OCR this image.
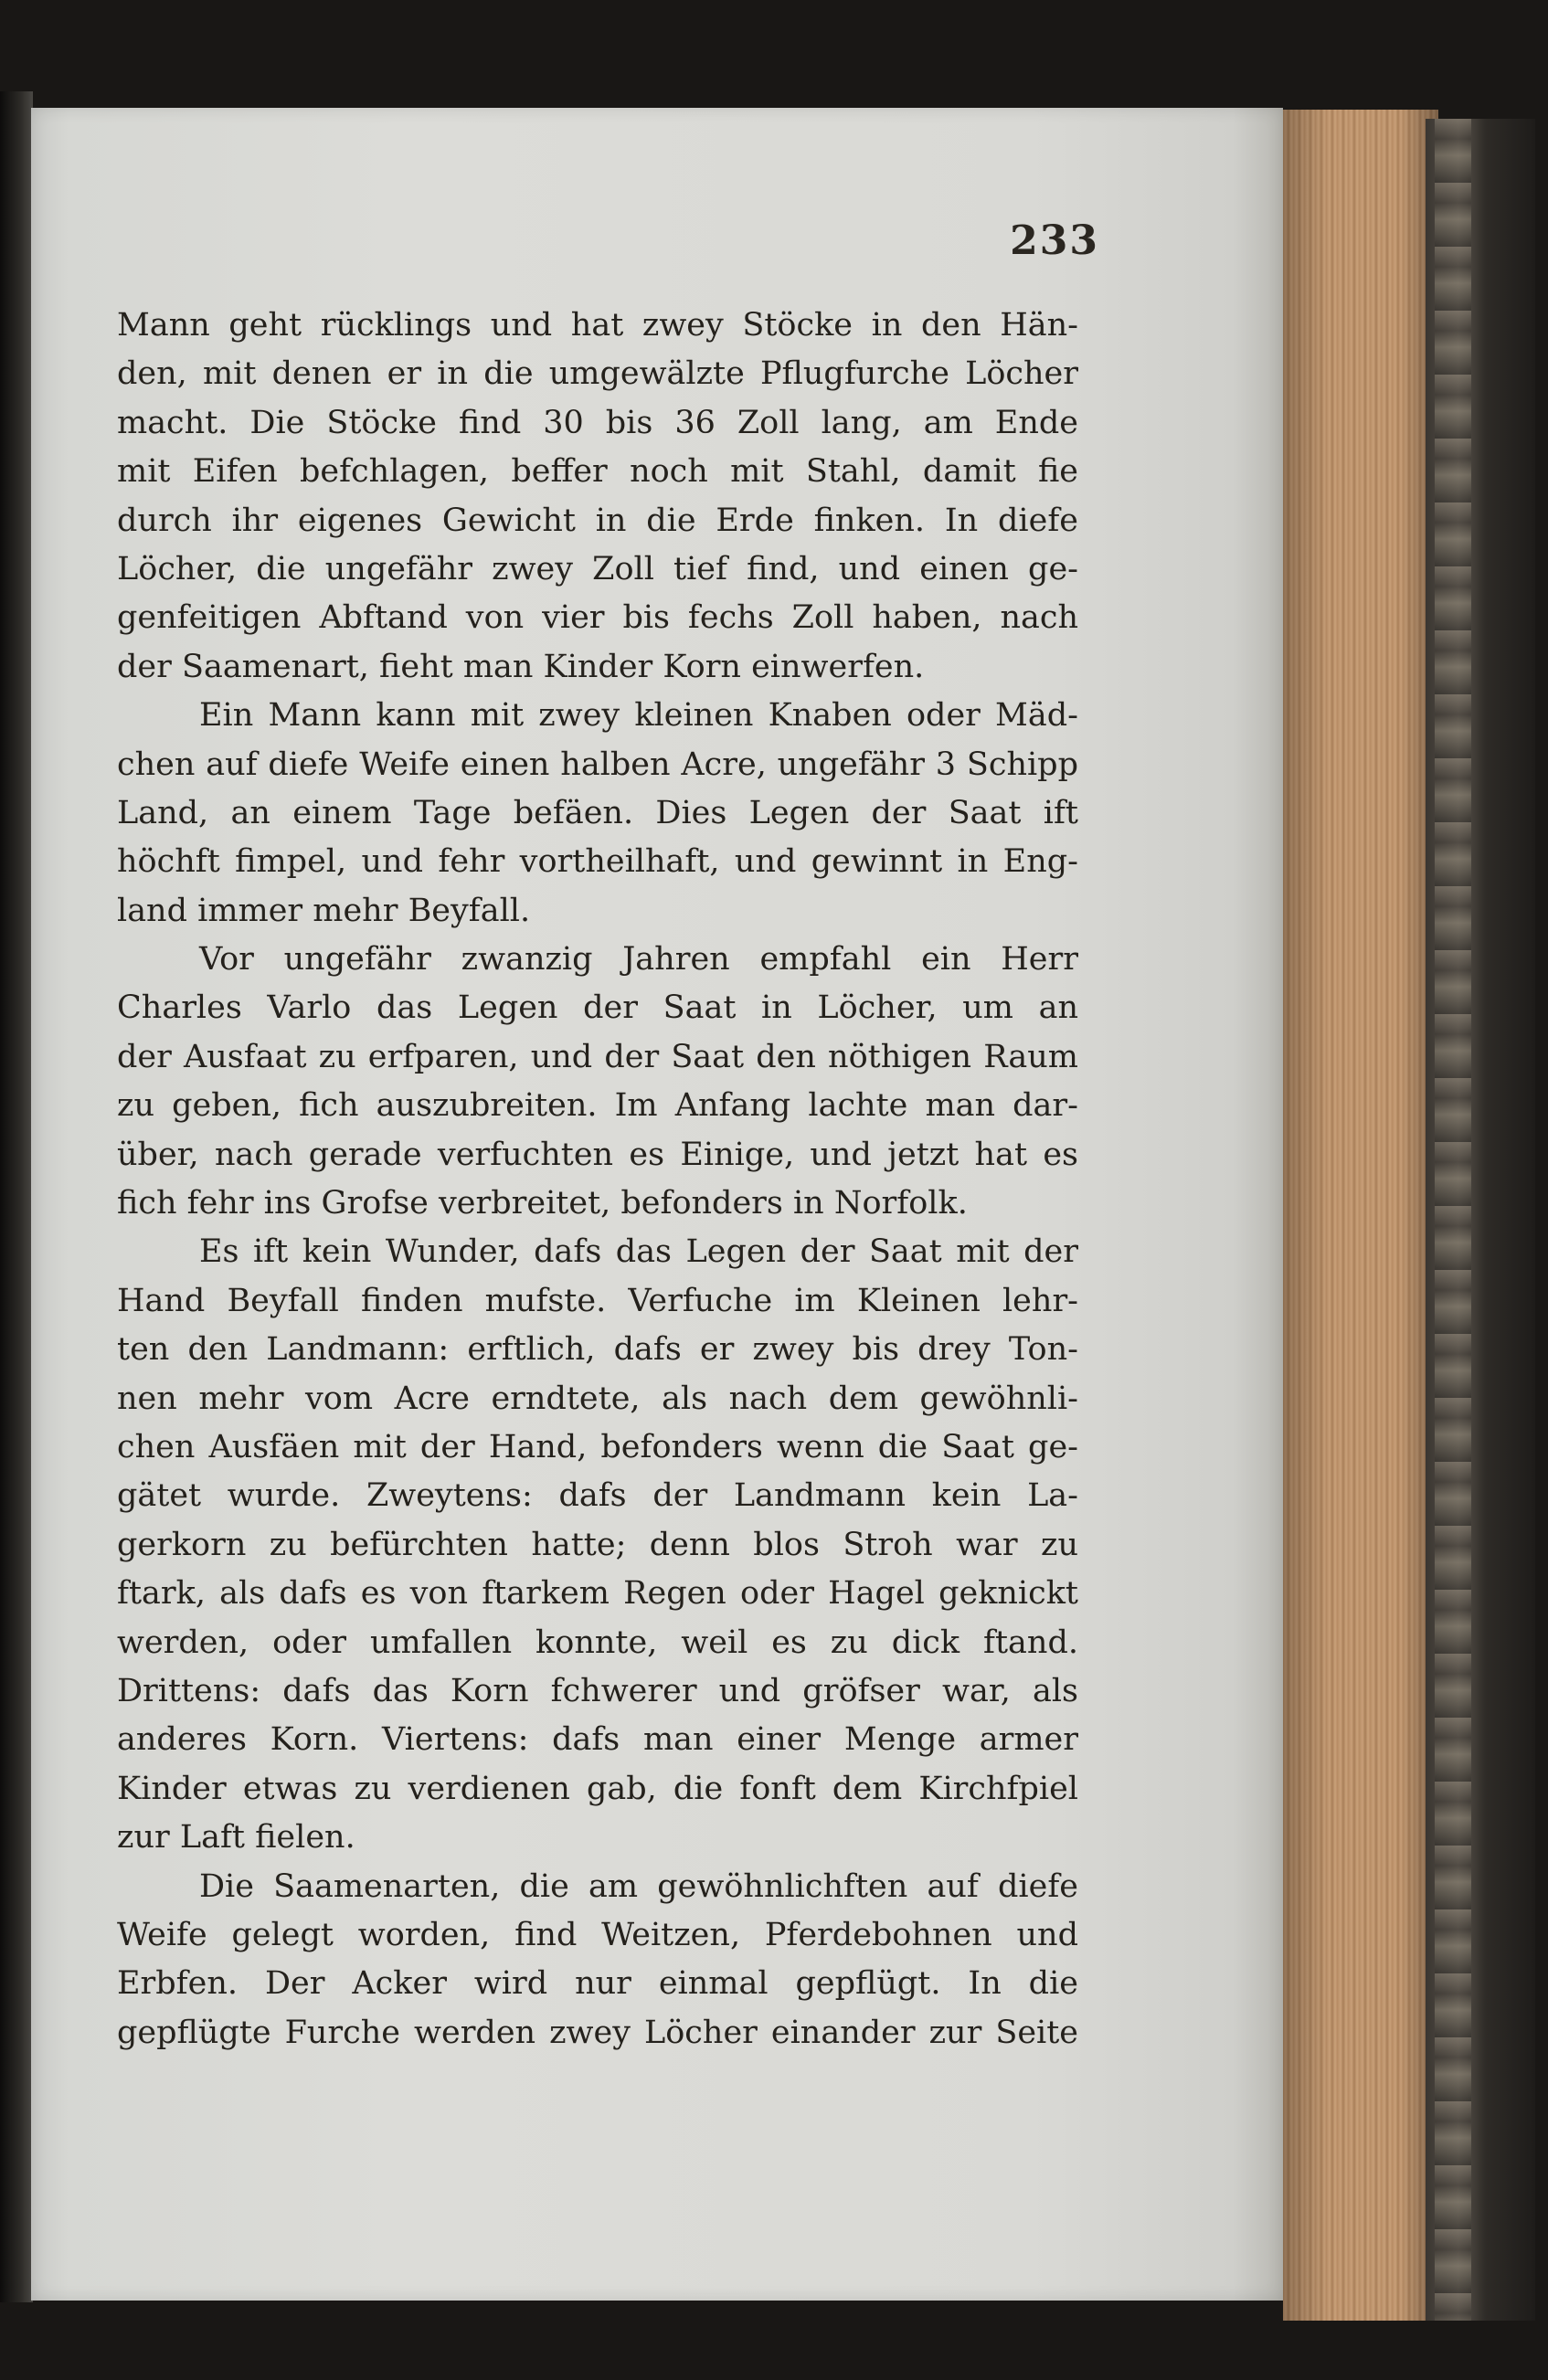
233
Mann geht rücklings und hat zwey Stöcke in den Hän-
den, mit denen er in die umgewälzte Pflugfurche Löcher
macht. Die Stöcke find 30 bis 36 Zoll lang, am Ende
mit Eifen befchlagen, beffer noch mit Stahl, damit fie
durch ihr eigenes Gewicht in die Erde finken. In diefe
Löcher, die ungefähr zwey Zoll tief find, und einen ge-
genfeitigen Abftand von vier bis fechs Zoll haben, nach
der Saamenart, fieht man Kinder Korn einwerfen.
Ein Mann kann mit zwey kleinen Knaben oder Mäd-
chen auf diefe Weife einen halben Acre, ungefähr 3 Schipp
Land, an einem Tage befäen. Dies Legen der Saat ift
höchft fimpel, und fehr vortheilhaft, und gewinnt in Eng-
land immer mehr Beyfall.
Vor ungefähr zwanzig Jahren empfahl ein Herr
Charles Varlo das Legen der Saat in Löcher, um an
der Ausfaat zu erfparen, und der Saat den nöthigen Raum
zu geben, fich auszubreiten. Im Anfang lachte man dar-
über, nach gerade verfuchten es Einige, und jetzt hat es
fich fehr ins Grofse verbreitet, befonders in Norfolk.
Es ift kein Wunder, dafs das Legen der Saat mit der
Hand Beyfall finden mufste. Verfuche im Kleinen lehr-
ten den Landmann: erftlich, dafs er zwey bis drey Ton-
nen mehr vom Acre erndtete, als nach dem gewöhnli-
chen Ausfäen mit der Hand, befonders wenn die Saat ge-
gätet wurde. Zweytens: dafs der Landmann kein La-
gerkorn zu befürchten hatte; denn blos Stroh war zu
ftark, als dafs es von ftarkem Regen oder Hagel geknickt
werden, oder umfallen konnte, weil es zu dick ftand.
Drittens: dafs das Korn fchwerer und gröfser war, als
anderes Korn. Viertens: dafs man einer Menge armer
Kinder etwas zu verdienen gab, die fonft dem Kirchfpiel
zur Laft fielen.
Die Saamenarten, die am gewöhnlichften auf diefe
Weife gelegt worden, find Weitzen, Pferdebohnen und
Erbfen. Der Acker wird nur einmal gepflügt. In die
gepflügte Furche werden zwey Löcher einander zur Seite
